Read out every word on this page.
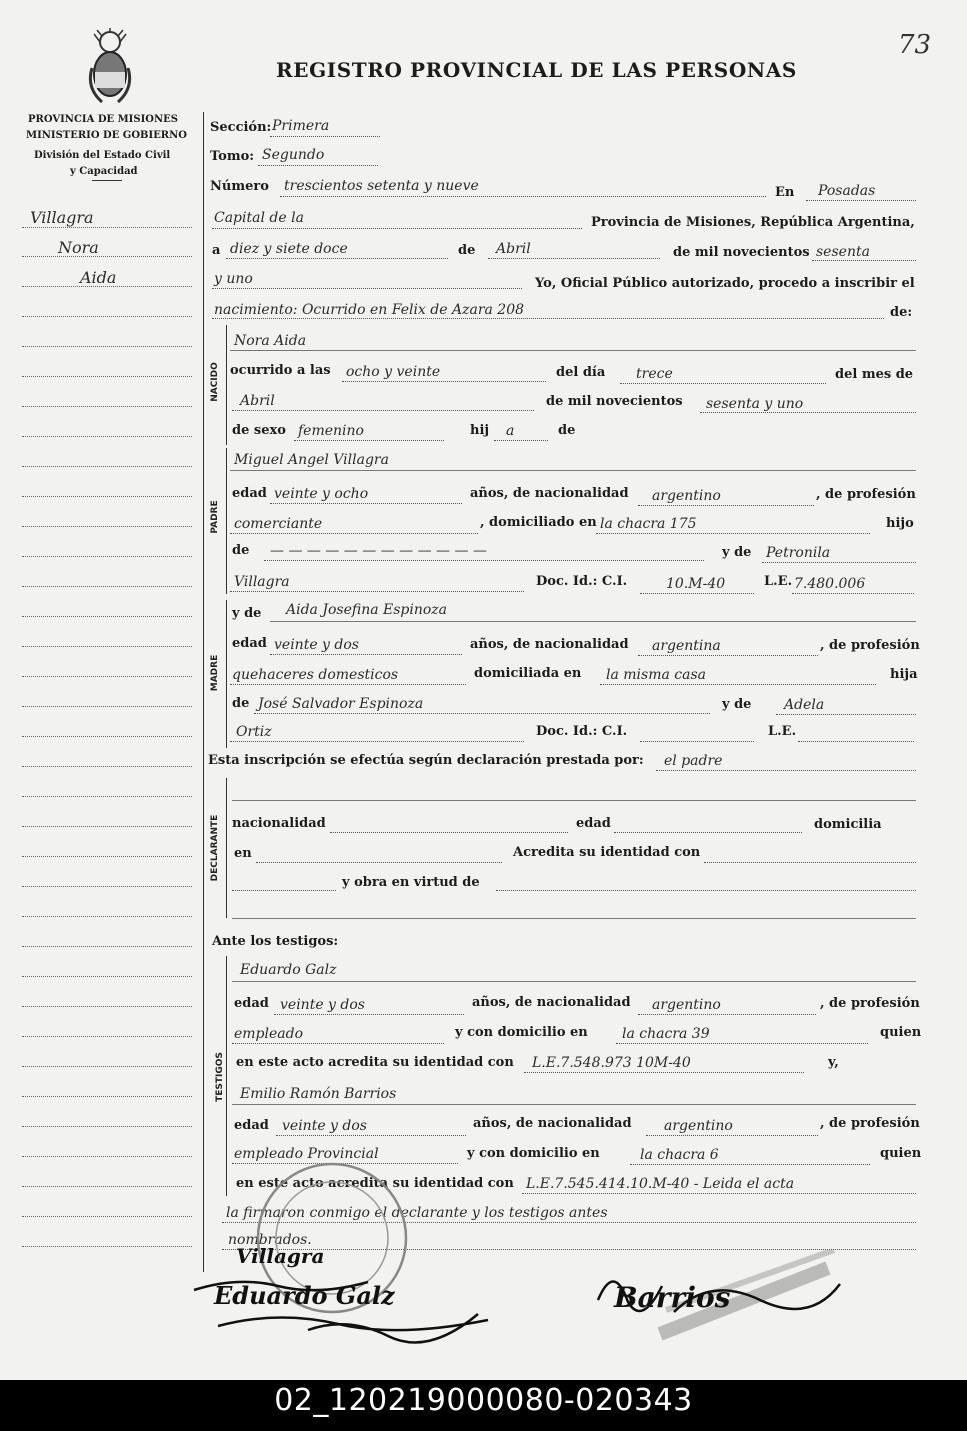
PROVINCIA DE MISIONES
MINISTERIO DE GOBIERNO
División del Estado Civil
y Capacidad
REGISTRO PROVINCIAL DE LAS PERSONAS
73
Villagra
Nora
Aida
Sección: Primera
Tomo: Segundo
Número trescientos setenta y nueve	En Posadas
Capital de la	Provincia de Misiones, República Argentina,
a diez y siete doce	de Abril	de mil novecientos sesenta
y uno	Yo, Oficial Público autorizado, procedo a inscribir el
nacimiento: Ocurrido en Felix de Azara 208	de:
NACIDO
Nora Aida
ocurrido a las ocho y veinte	del día trece	del mes de
Abril	de mil novecientos sesenta y uno
de sexo femenino	hij a	de
PADRE
Miguel Angel Villagra
edad veinte y ocho	años, de nacionalidad argentino	, de profesión
comerciante	, domiciliado en la chacra 175	hijo
de — — — — — — — — — — — —	y de Petronila
Villagra	Doc. Id.: C.I.	10.M-40	L.E. 7.480.006
MADRE
y de Aida Josefina Espinoza
edad veinte y dos	años, de nacionalidad argentina	, de profesión
quehaceres domesticos	domiciliada en la misma casa	hija
de José Salvador Espinoza	y de Adela
Ortiz	Doc. Id.: C.I.	L.E.
Esta inscripción se efectúa según declaración prestada por: el padre
DECLARANTE nacionalidad	edad	domicilia
en	Acredita su identidad con
y obra en virtud de
Ante los testigos:
TESTIGOS
Eduardo Galz
edad veinte y dos	años, de nacionalidad argentino	, de profesión
empleado	y con domicilio en la chacra 39	quien
en este acto acredita su identidad con L.E.7.548.973 10M-40	y,
Emilio Ramón Barrios
edad veinte y dos	años, de nacionalidad argentino	, de profesión
empleado Provincial	y con domicilio en	la chacra 6	quien
en este acto acredita su identidad con L.E.7.545.414.10.M-40 - Leida el acta
la firmaron conmigo el declarante y los testigos antes
nombrados.
Villagra
Eduardo Galz	Barrios
02_120219000080-020343
